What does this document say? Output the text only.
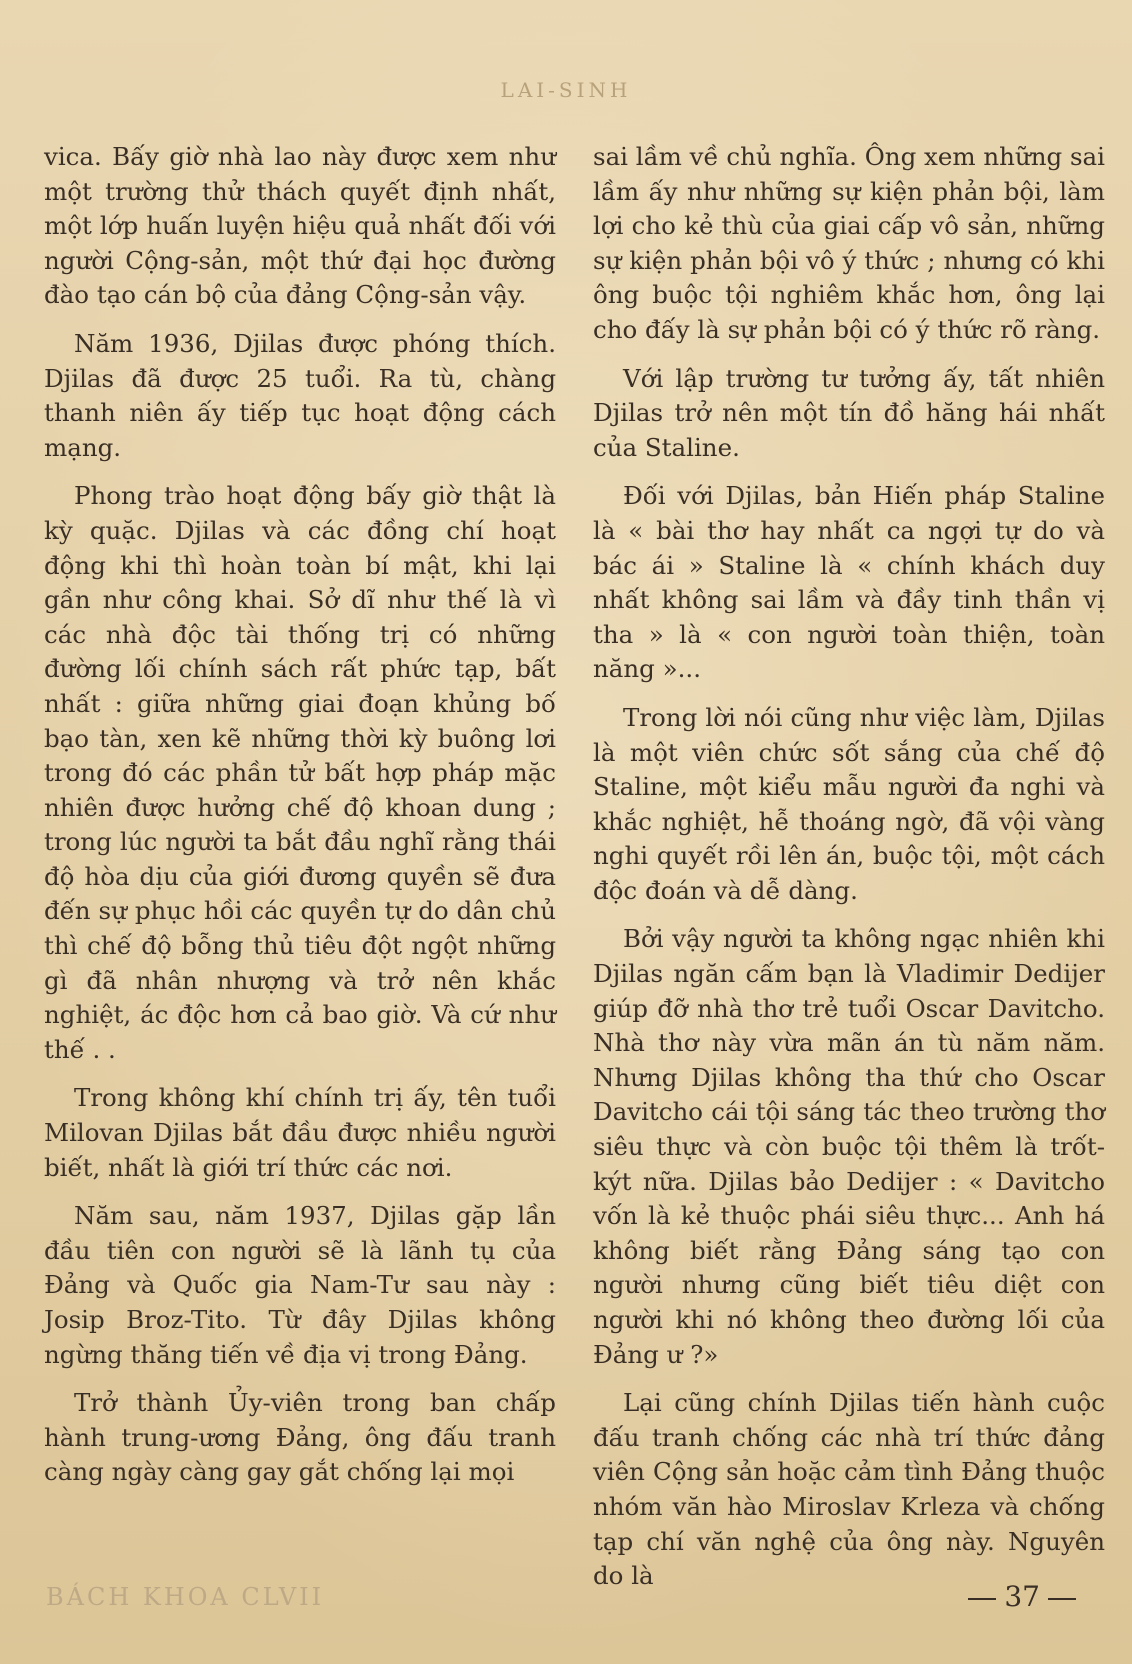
LAI-SINH

vica. Bấy giờ nhà lao này được xem như một trường thử thách quyết định nhất, một lớp huấn luyện hiệu quả nhất đối với người Cộng-sản, một thứ đại học đường đào tạo cán bộ của đảng Cộng-sản vậy.

Năm 1936, Djilas được phóng thích. Djilas đã được 25 tuổi. Ra tù, chàng thanh niên ấy tiếp tục hoạt động cách mạng.

Phong trào hoạt động bấy giờ thật là kỳ quặc. Djilas và các đồng chí hoạt động khi thì hoàn toàn bí mật, khi lại gần như công khai. Sở dĩ như thế là vì các nhà độc tài thống trị có những đường lối chính sách rất phức tạp, bất nhất : giữa những giai đoạn khủng bố bạo tàn, xen kẽ những thời kỳ buông lơi trong đó các phần tử bất hợp pháp mặc nhiên được hưởng chế độ khoan dung ; trong lúc người ta bắt đầu nghĩ rằng thái độ hòa dịu của giới đương quyền sẽ đưa đến sự phục hồi các quyền tự do dân chủ thì chế độ bỗng thủ tiêu đột ngột những gì đã nhân nhượng và trở nên khắc nghiệt, ác độc hơn cả bao giờ. Và cứ như thế . .

Trong không khí chính trị ấy, tên tuổi Milovan Djilas bắt đầu được nhiều người biết, nhất là giới trí thức các nơi.

Năm sau, năm 1937, Djilas gặp lần đầu tiên con người sẽ là lãnh tụ của Đảng và Quốc gia Nam-Tư sau này : Josip Broz-Tito. Từ đây Djilas không ngừng thăng tiến về địa vị trong Đảng.

Trở thành Ủy-viên trong ban chấp hành trung-ương Đảng, ông đấu tranh càng ngày càng gay gắt chống lại mọi

sai lầm về chủ nghĩa. Ông xem những sai lầm ấy như những sự kiện phản bội, làm lợi cho kẻ thù của giai cấp vô sản, những sự kiện phản bội vô ý thức ; nhưng có khi ông buộc tội nghiêm khắc hơn, ông lại cho đấy là sự phản bội có ý thức rõ ràng.

Với lập trường tư tưởng ấy, tất nhiên Djilas trở nên một tín đồ hăng hái nhất của Staline.

Đối với Djilas, bản Hiến pháp Staline là « bài thơ hay nhất ca ngợi tự do và bác ái » Staline là « chính khách duy nhất không sai lầm và đầy tinh thần vị tha » là « con người toàn thiện, toàn năng »...

Trong lời nói cũng như việc làm, Djilas là một viên chức sốt sắng của chế độ Staline, một kiểu mẫu người đa nghi và khắc nghiệt, hễ thoáng ngờ, đã vội vàng nghi quyết rồi lên án, buộc tội, một cách độc đoán và dễ dàng.

Bởi vậy người ta không ngạc nhiên khi Djilas ngăn cấm bạn là Vladimir Dedijer giúp đỡ nhà thơ trẻ tuổi Oscar Davitcho. Nhà thơ này vừa mãn án tù năm năm. Nhưng Djilas không tha thứ cho Oscar Davitcho cái tội sáng tác theo trường thơ siêu thực và còn buộc tội thêm là trốt-kýt nữa. Djilas bảo Dedijer : « Davitcho vốn là kẻ thuộc phái siêu thực... Anh há không biết rằng Đảng sáng tạo con người nhưng cũng biết tiêu diệt con người khi nó không theo đường lối của Đảng ư ?»

Lại cũng chính Djilas tiến hành cuộc đấu tranh chống các nhà trí thức đảng viên Cộng sản hoặc cảm tình Đảng thuộc nhóm văn hào Miroslav Krleza và chống tạp chí văn nghệ của ông này. Nguyên do là

BÁCH KHOA CLVII	37
